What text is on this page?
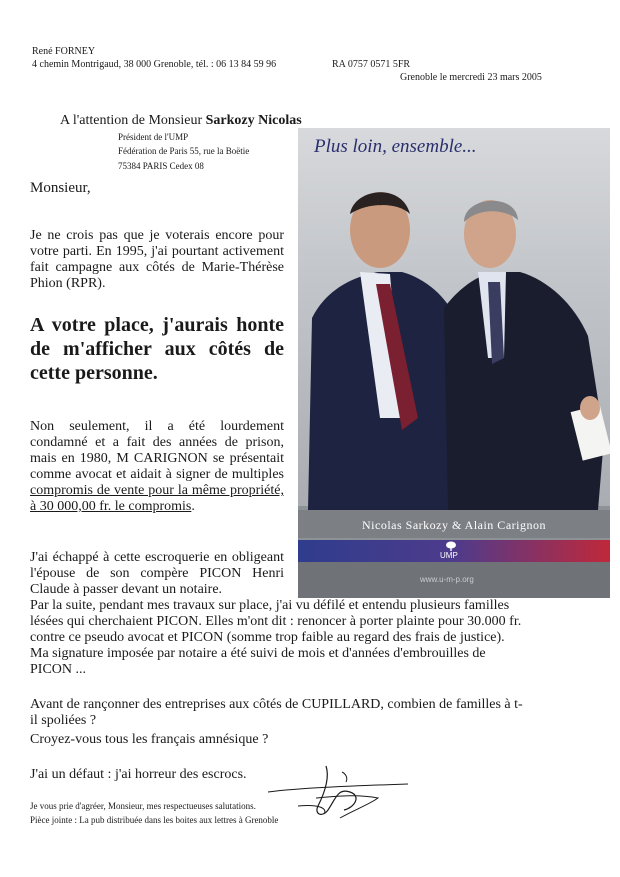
René FORNEY
4 chemin Montrigaud, 38 000 Grenoble, tél. : 06 13 84 59 96	RA 0757 0571 5FR
Grenoble le mercredi 23 mars 2005
A l'attention de Monsieur Sarkozy Nicolas
Président de l'UMP
Fédération de Paris 55, rue la Boëtie
75384 PARIS Cedex 08
Monsieur,
Je ne crois pas que je voterais encore pour votre parti. En 1995, j'ai pourtant activement fait campagne aux côtés de Marie-Thérèse Phion (RPR).
A votre place, j'aurais honte de m'afficher aux côtés de cette personne.
Non seulement, il a été lourdement condamné et a fait des années de prison, mais en 1980, M CARIGNON se présentait comme avocat et aidait à signer de multiples compromis de vente pour la même propriété, à 30 000,00 fr. le compromis.
J'ai échappé à cette escroquerie en obligeant l'épouse de son compère PICON Henri Claude à passer devant un notaire.
Par la suite, pendant mes travaux sur place, j'ai vu défilé et entendu plusieurs familles
lésées qui cherchaient PICON. Elles m'ont dit : renoncer à porter plainte pour 30.000 fr.
contre ce pseudo avocat et PICON (somme trop faible au regard des frais de justice).
Ma signature imposée par notaire a été suivi de mois et d'années d'embrouilles de
PICON ...
Avant de rançonner des entreprises aux côtés de CUPILLARD, combien de familles à t-
il spoliées ?
Croyez-vous tous les français amnésique ?
J'ai un défaut : j'ai horreur des escrocs.
Je vous prie d'agréer, Monsieur, mes respectueuses salutations.
Pièce jointe : La pub distribuée dans les boites aux lettres à Grenoble
Plus loin, ensemble...
Nicolas Sarkozy & Alain Carignon
UMP
www.u-m-p.org
